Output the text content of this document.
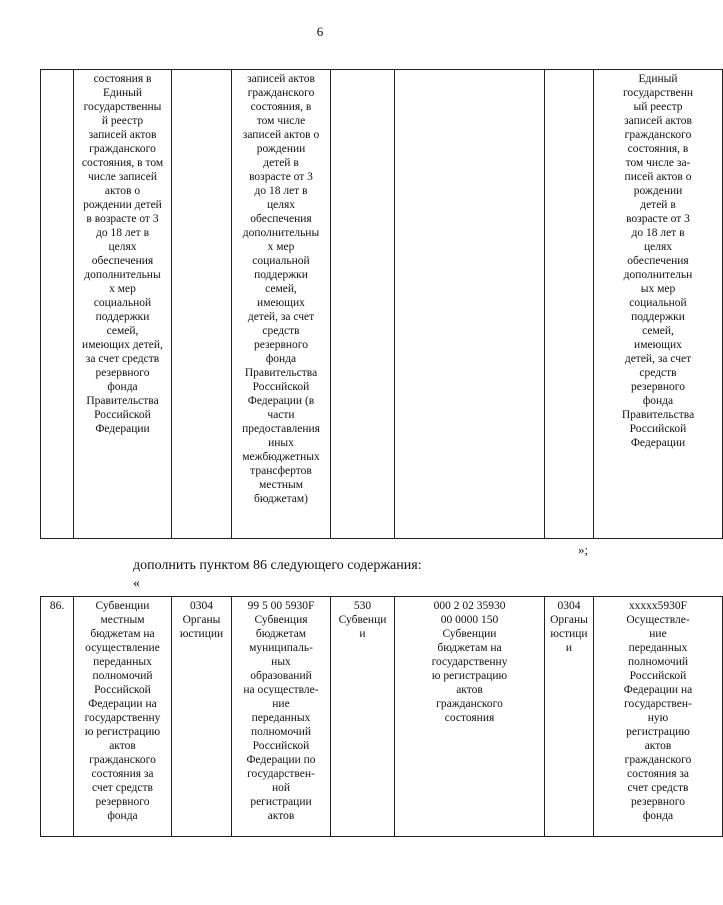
6
	состояния в
Единый
государственны
й реестр
записей актов
гражданского
состояния, в том
числе записей
актов о
рождении детей
в возрасте от 3
до 18 лет в
целях
обеспечения
дополнительны
х мер
социальной
поддержки
семей,
имеющих детей,
за счет средств
резервного
фонда
Правительства
Российской
Федерации		записей актов
гражданского
состояния, в
том числе
записей актов о
рождении
детей в
возрасте от 3
до 18 лет в
целях
обеспечения
дополнительны
х мер
социальной
поддержки
семей,
имеющих
детей, за счет
средств
резервного
фонда
Правительства
Российской
Федерации (в
части
предоставления
иных
межбюджетных
трансфертов
местным
бюджетам)				Единый
государственн
ый реестр
записей актов
гражданского
состояния, в
том числе за-
писей актов о
рождении
детей в
возрасте от 3
до 18 лет в
целях
обеспечения
дополнительн
ых мер
социальной
поддержки
семей,
имеющих
детей, за счет
средств
резервного
фонда
Правительства
Российской
Федерации
»;
дополнить пунктом 86 следующего содержания:
«
86.	Субвенции
местным
бюджетам на
осуществление
переданных
полномочий
Российской
Федерации на
государственну
ю регистрацию
актов
гражданского
состояния за
счет средств
резервного
фонда	0304
Органы
юстиции	99 5 00 5930F
Субвенция
бюджетам
муниципаль-
ных
образований
на осуществле-
ние
переданных
полномочий
Российской
Федерации по
государствен-
ной
регистрации
актов	530
Субвенци
и	000 2 02 35930
00 0000 150
Субвенции
бюджетам на
государственну
ю регистрацию
актов
гражданского
состояния	0304
Органы
юстици
и	xxxxx5930F
Осуществле-
ние
переданных
полномочий
Российской
Федерации на
государствен-
ную
регистрацию
актов
гражданского
состояния за
счет средств
резервного
фонда
